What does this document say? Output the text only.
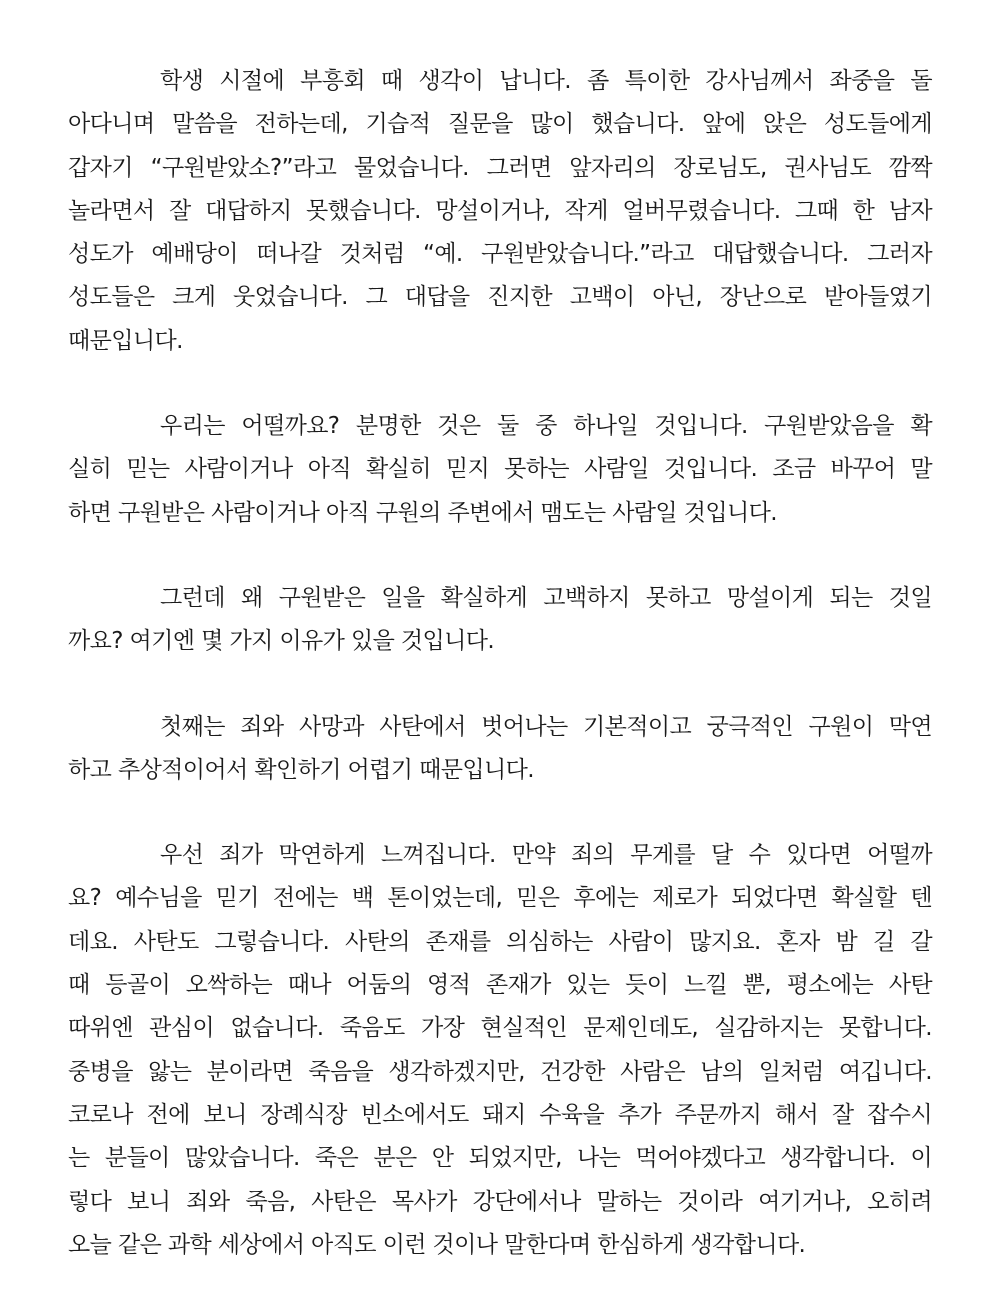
학생 시절에 부흥회 때 생각이 납니다. 좀 특이한 강사님께서 좌중을 돌
아다니며 말씀을 전하는데, 기습적 질문을 많이 했습니다. 앞에 앉은 성도들에게
갑자기 “구원받았소?”라고 물었습니다. 그러면 앞자리의 장로님도, 권사님도 깜짝
놀라면서 잘 대답하지 못했습니다. 망설이거나, 작게 얼버무렸습니다. 그때 한 남자
성도가 예배당이 떠나갈 것처럼 “예. 구원받았습니다.”라고 대답했습니다. 그러자
성도들은 크게 웃었습니다. 그 대답을 진지한 고백이 아닌, 장난으로 받아들였기
때문입니다.

우리는 어떨까요? 분명한 것은 둘 중 하나일 것입니다. 구원받았음을 확
실히 믿는 사람이거나 아직 확실히 믿지 못하는 사람일 것입니다. 조금 바꾸어 말
하면 구원받은 사람이거나 아직 구원의 주변에서 맴도는 사람일 것입니다.

그런데 왜 구원받은 일을 확실하게 고백하지 못하고 망설이게 되는 것일
까요? 여기엔 몇 가지 이유가 있을 것입니다.

첫째는 죄와 사망과 사탄에서 벗어나는 기본적이고 궁극적인 구원이 막연
하고 추상적이어서 확인하기 어렵기 때문입니다.

우선 죄가 막연하게 느껴집니다. 만약 죄의 무게를 달 수 있다면 어떨까
요? 예수님을 믿기 전에는 백 톤이었는데, 믿은 후에는 제로가 되었다면 확실할 텐
데요. 사탄도 그렇습니다. 사탄의 존재를 의심하는 사람이 많지요. 혼자 밤 길 갈
때 등골이 오싹하는 때나 어둠의 영적 존재가 있는 듯이 느낄 뿐, 평소에는 사탄
따위엔 관심이 없습니다. 죽음도 가장 현실적인 문제인데도, 실감하지는 못합니다.
중병을 앓는 분이라면 죽음을 생각하겠지만, 건강한 사람은 남의 일처럼 여깁니다.
코로나 전에 보니 장례식장 빈소에서도 돼지 수육을 추가 주문까지 해서 잘 잡수시
는 분들이 많았습니다. 죽은 분은 안 되었지만, 나는 먹어야겠다고 생각합니다. 이
렇다 보니 죄와 죽음, 사탄은 목사가 강단에서나 말하는 것이라 여기거나, 오히려
오늘 같은 과학 세상에서 아직도 이런 것이나 말한다며 한심하게 생각합니다.
